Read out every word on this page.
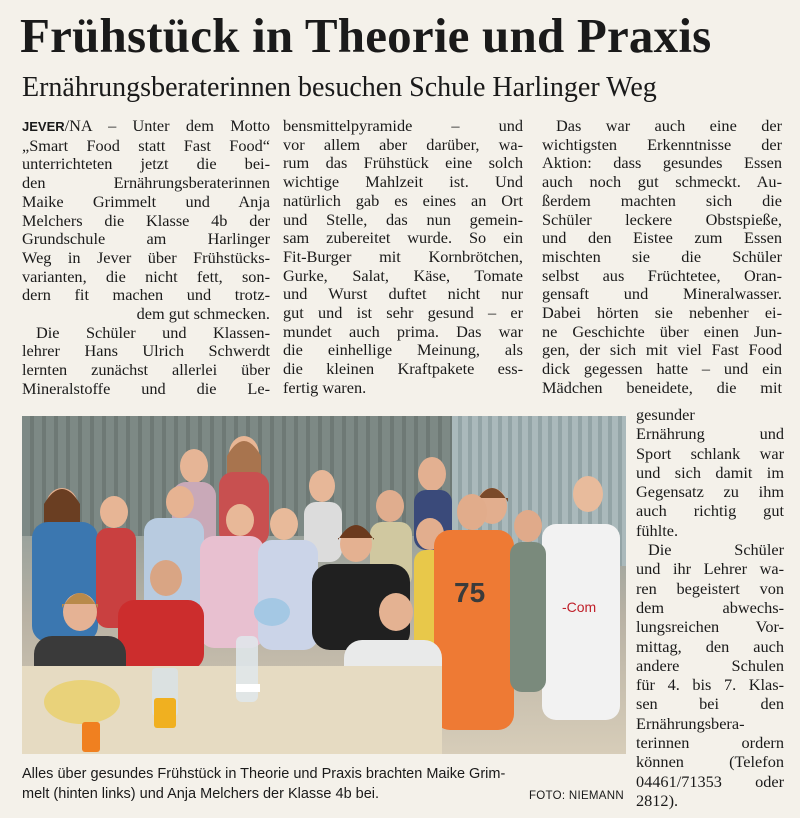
Frühstück in Theorie und Praxis
Ernährungsberaterinnen besuchen Schule Harlinger Weg
JEVER/NA – Unter dem Motto
„Smart Food statt Fast Food“
unterrichteten jetzt die bei-
den Ernährungsberaterinnen
Maike Grimmelt und Anja
Melchers die Klasse 4b der
Grundschule am Harlinger
Weg in Jever über Frühstücks-
varianten, die nicht fett, son-
dern fit machen und trotz-
dem gut schmecken.
Die Schüler und Klassen-
lehrer Hans Ulrich Schwerdt
lernten zunächst allerlei über
Mineralstoffe und die Le-
bensmittelpyramide – und
vor allem aber darüber, wa-
rum das Frühstück eine solch
wichtige Mahlzeit ist. Und
natürlich gab es eines an Ort
und Stelle, das nun gemein-
sam zubereitet wurde. So ein
Fit-Burger mit Kornbrötchen,
Gurke, Salat, Käse, Tomate
und Wurst duftet nicht nur
gut und ist sehr gesund – er
mundet auch prima. Das war
die einhellige Meinung, als
die kleinen Kraftpakete ess-
fertig waren.
Das war auch eine der
wichtigsten Erkenntnisse der
Aktion: dass gesundes Essen
auch noch gut schmeckt. Au-
ßerdem machten sich die
Schüler leckere Obstspieße,
und den Eistee zum Essen
mischten sie die Schüler
selbst aus Früchtetee, Oran-
gensaft und Mineralwasser.
Dabei hörten sie nebenher ei-
ne Geschichte über einen Jun-
gen, der sich mit viel Fast Food
dick gegessen hatte – und ein
Mädchen beneidete, die mit
gesunder
Ernährung und
Sport schlank war
und sich damit im
Gegensatz zu ihm
auch richtig gut
fühlte.
Die Schüler
und ihr Lehrer wa-
ren begeistert von
dem abwechs-
lungsreichen Vor-
mittag, den auch
andere Schulen
für 4. bis 7. Klas-
sen bei den
Ernährungsbera-
terinnen ordern
können (Telefon
04461/71353 oder
2812).
-Com
75
Alles über gesundes Frühstück in Theorie und Praxis brachten Maike Grim-
melt (hinten links) und Anja Melchers der Klasse 4b bei.	FOTO: NIEMANN
